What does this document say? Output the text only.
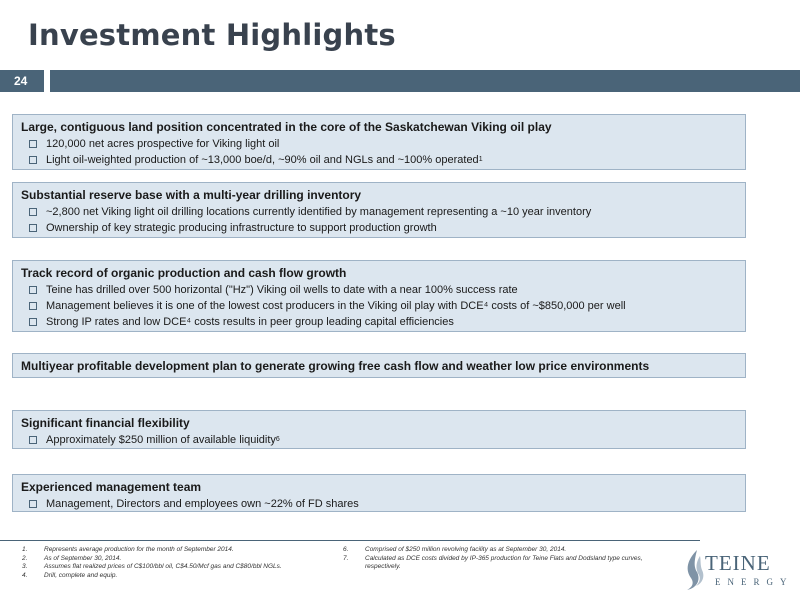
Investment Highlights
24
Large, contiguous land position concentrated in the core of the Saskatchewan Viking oil play
120,000 net acres prospective for Viking light oil
Light oil-weighted production of ~13,000 boe/d, ~90% oil and NGLs and ~100% operated 1
Substantial reserve base with a multi-year drilling inventory
~2,800 net Viking light oil drilling locations currently identified by management representing a ~10 year inventory
Ownership of key strategic producing infrastructure to support production growth
Track record of organic production and cash flow growth
Teine has drilled over 500 horizontal ("Hz") Viking oil wells to date with a near 100% success rate
Management believes it is one of the lowest cost producers in the Viking oil play with DCE⁴ costs of ~$850,000 per well
Strong IP rates and low DCE⁴ costs results in peer group leading capital efficiencies
Multiyear profitable development plan to generate growing free cash flow and weather low price environments
Significant financial flexibility
Approximately $250 million of available liquidity 6
Experienced management team
Management, Directors and employees own ~22% of FD shares
1.	Represents average production for the month of September 2014.
2.	As of September 30, 2014.
3.	Assumes flat realized prices of C$100/bbl oil, C$4.50/Mcf gas and C$80/bbl NGLs.
4.	Drill, complete and equip.
6.	Comprised of $250 million revolving facility as at September 30, 2014.
7.	Calculated as DCE costs divided by IP-365 production for Teine Flats and Dodsland type curves,
respectively.	TEINE
ENERGY
